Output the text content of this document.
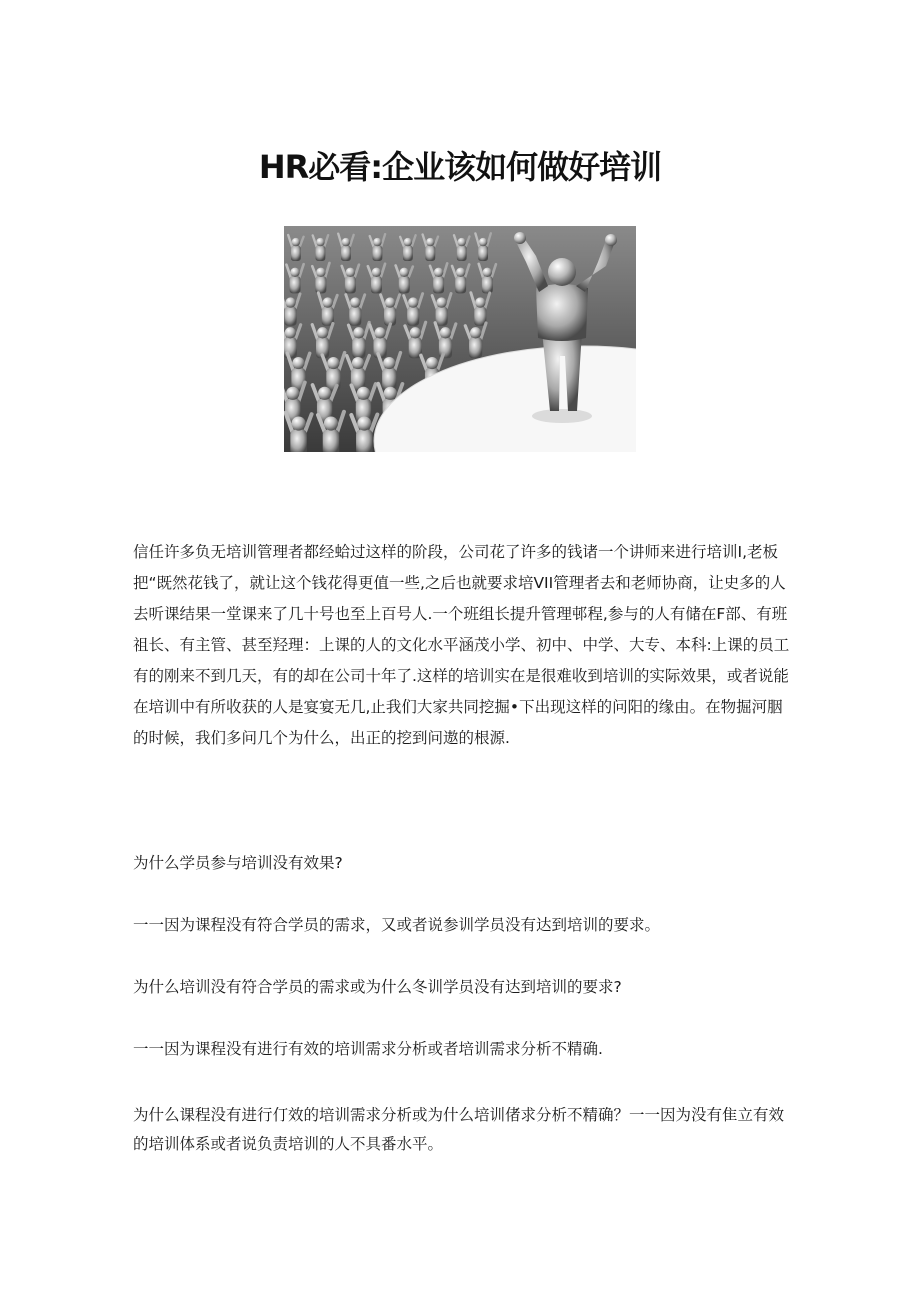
HR必看:企业该如何做好培训

信任许多负无培训管理者都经蛤过这样的阶段，公司花了许多的钱诸一个讲师来进行培训I,老板把“既然花钱了，就让这个钱花得更值一些,之后也就要求培VII管理者去和老师协商，让史多的人去听课结果一堂课来了几十号也至上百号人.一个班组长提升管理邨程,参与的人有储在F部、有班祖长、有主管、甚至羟理：上课的人的文化水平涵茂小学、初中、中学、大专、本科:上课的员工有的刚来不到几天，有的却在公司十年了.这样的培训实在是很难收到培训的实际效果，或者说能在培训中有所收获的人是宴宴无几,止我们大家共同挖掘•下出现这样的问阳的缘由。在物掘河胭的时候，我们多问几个为什么，出正的挖到问遨的根源.

为什么学员参与培训没有效果?

一一因为课程没有符合学员的需求，又或者说参训学员没有达到培训的要求。

为什么培训没有符合学员的需求或为什么冬训学员没有达到培训的要求?

一一因为课程没有进行有效的培训需求分析或者培训需求分析不精确.

为什么课程没有进行仃效的培训需求分析或为什么培训偖求分析不精确？一一因为没有隹立有效的培训体系或者说负责培训的人不具番水平。
